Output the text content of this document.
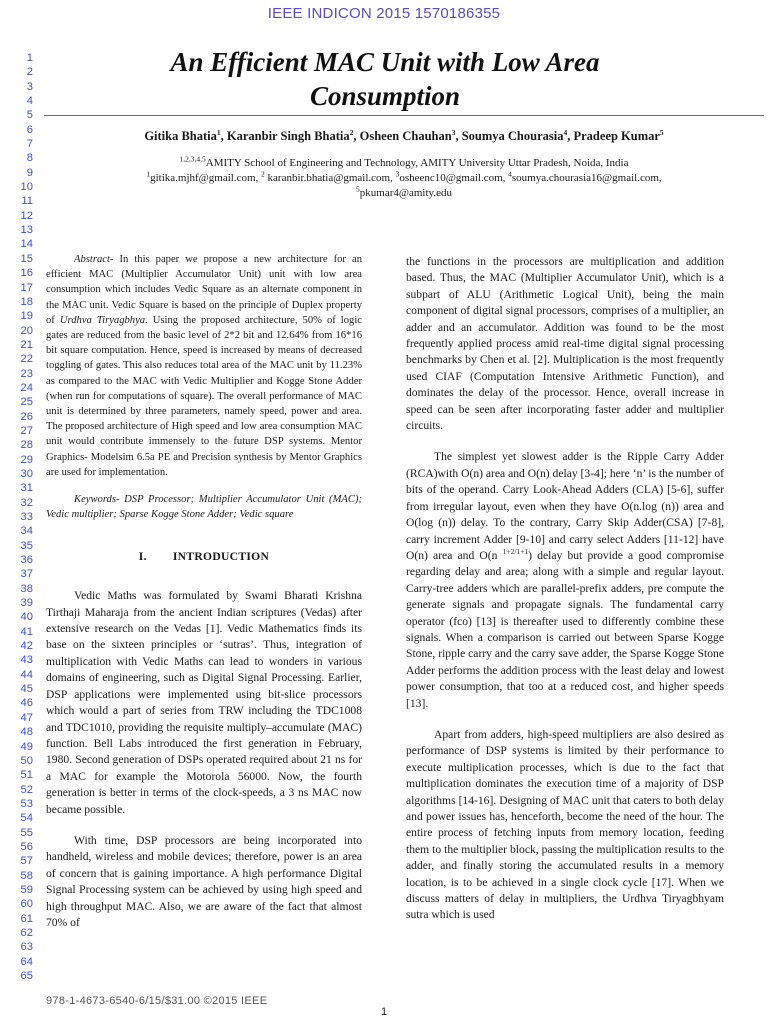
IEEE INDICON 2015 1570186355
1
2
3
4
5
6
7
8
9
10
11
12
13
14
15
16
17
18
19
20
21
22
23
24
25
26
27
28
29
30
31
32
33
34
35
36
37
38
39
40
41
42
43
44
45
46
47
48
49
50
51
52
53
54
55
56
57
58
59
60
61
62
63
64
65
An Efficient MAC Unit with Low Area
Consumption
Gitika Bhatia$^1$, Karanbir Singh Bhatia$^2$, Osheen Chauhan$^3$, Soumya Chourasia$^4$, Pradeep Kumar$^5$
$^{1,2,3,4,5}$AMITY School of Engineering and Technology, AMITY University Uttar Pradesh, Noida, India
$^1$gitika.mjhf@gmail.com, $^2$ karanbir.bhatia@gmail.com, $^3$osheenc10@gmail.com, $^4$soumya.chourasia16@gmail.com,
$^5$pkumar4@amity.edu

Abstract- In this paper we propose a new architecture for an efficient MAC (Multiplier Accumulator Unit) unit with low area consumption which includes Vedic Square as an alternate component in the MAC unit. Vedic Square is based on the principle of Duplex property of Urdhva Tiryagbhya. Using the proposed architecture, 50% of logic gates are reduced from the basic level of 2*2 bit and 12.64% from 16*16 bit square computation. Hence, speed is increased by means of decreased toggling of gates. This also reduces total area of the MAC unit by 11.23% as compared to the MAC with Vedic Multiplier and Kogge Stone Adder (when run for computations of square). The overall performance of MAC unit is determined by three parameters, namely speed, power and area. The proposed architecture of High speed and low area consumption MAC unit would contribute immensely to the future DSP systems. Mentor Graphics- Modelsim 6.5a PE and Precision synthesis by Mentor Graphics are used for implementation.

Keywords- DSP Processor; Multiplier Accumulator Unit (MAC); Vedic multiplier; Sparse Kogge Stone Adder; Vedic square

I. INTRODUCTION

Vedic Maths was formulated by Swami Bharati Krishna Tirthaji Maharaja from the ancient Indian scriptures (Vedas) after extensive research on the Vedas [1]. Vedic Mathematics finds its base on the sixteen principles or ‘sutras’. Thus, integration of multiplication with Vedic Maths can lead to wonders in various domains of engineering, such as Digital Signal Processing. Earlier, DSP applications were implemented using bit-slice processors which would a part of series from TRW including the TDC1008 and TDC1010, providing the requisite multiply–accumulate (MAC) function. Bell Labs introduced the first generation in February, 1980. Second generation of DSPs operated required about 21 ns for a MAC for example the Motorola 56000. Now, the fourth generation is better in terms of the clock-speeds, a 3 ns MAC now became possible.

With time, DSP processors are being incorporated into handheld, wireless and mobile devices; therefore, power is an area of concern that is gaining importance. A high performance Digital Signal Processing system can be achieved by using high speed and high throughput MAC. Also, we are aware of the fact that almost 70% of

the functions in the processors are multiplication and addition based. Thus, the MAC (Multiplier Accumulator Unit), which is a subpart of ALU (Arithmetic Logical Unit), being the main component of digital signal processors, comprises of a multiplier, an adder and an accumulator. Addition was found to be the most frequently applied process amid real-time digital signal processing benchmarks by Chen et al. [2]. Multiplication is the most frequently used CIAF (Computation Intensive Arithmetic Function), and dominates the delay of the processor. Hence, overall increase in speed can be seen after incorporating faster adder and multiplier circuits.

The simplest yet slowest adder is the Ripple Carry Adder (RCA)with O(n) area and O(n) delay [3-4]; here ‘n’ is the number of bits of the operand. Carry Look-Ahead Adders (CLA) [5-6], suffer from irregular layout, even when they have O(n.log (n)) area and O(log (n)) delay. To the contrary, Carry Skip Adder(CSA) [7-8], carry increment Adder [9-10] and carry select Adders [11-12] have O(n) area and O(n $^{1+2/1+1}$) delay but provide a good compromise regarding delay and area; along with a simple and regular layout. Carry-tree adders which are parallel-prefix adders, pre compute the generate signals and propagate signals. The fundamental carry operator (fco) [13] is thereafter used to differently combine these signals. When a comparison is carried out between Sparse Kogge Stone, ripple carry and the carry save adder, the Sparse Kogge Stone Adder performs the addition process with the least delay and lowest power consumption, that too at a reduced cost, and higher speeds [13].

Apart from adders, high-speed multipliers are also desired as performance of DSP systems is limited by their performance to execute multiplication processes, which is due to the fact that multiplication dominates the execution time of a majority of DSP algorithms [14-16]. Designing of MAC unit that caters to both delay and power issues has, henceforth, become the need of the hour. The entire process of fetching inputs from memory location, feeding them to the multiplier block, passing the multiplication results to the adder, and finally storing the accumulated results in a memory location, is to be achieved in a single clock cycle [17]. When we discuss matters of delay in multipliers, the Urdhva Tiryagbhyam sutra which is used

978-1-4673-6540-6/15/$31.00 ©2015 IEEE
1
